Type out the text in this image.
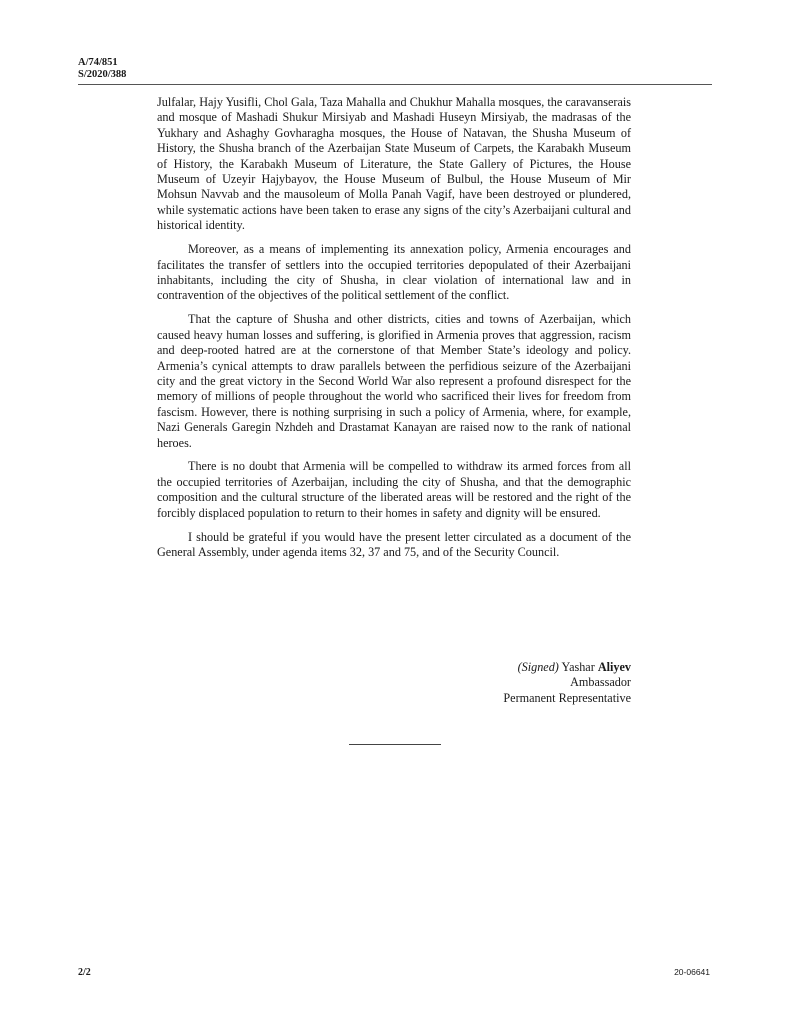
A/74/851
S/2020/388

Julfalar, Hajy Yusifli, Chol Gala, Taza Mahalla and Chukhur Mahalla mosques, the caravanserais and mosque of Mashadi Shukur Mirsiyab and Mashadi Huseyn Mirsiyab, the madrasas of the Yukhary and Ashaghy Govharagha mosques, the House of Natavan, the Shusha Museum of History, the Shusha branch of the Azerbaijan State Museum of Carpets, the Karabakh Museum of History, the Karabakh Museum of Literature, the State Gallery of Pictures, the House Museum of Uzeyir Hajybayov, the House Museum of Bulbul, the House Museum of Mir Mohsun Navvab and the mausoleum of Molla Panah Vagif, have been destroyed or plundered, while systematic actions have been taken to erase any signs of the city’s Azerbaijani cultural and historical identity.

Moreover, as a means of implementing its annexation policy, Armenia encourages and facilitates the transfer of settlers into the occupied territories depopulated of their Azerbaijani inhabitants, including the city of Shusha, in clear violation of international law and in contravention of the objectives of the political settlement of the conflict.

That the capture of Shusha and other districts, cities and towns of Azerbaijan, which caused heavy human losses and suffering, is glorified in Armenia proves that aggression, racism and deep-rooted hatred are at the cornerstone of that Member State’s ideology and policy. Armenia’s cynical attempts to draw parallels between the perfidious seizure of the Azerbaijani city and the great victory in the Second World War also represent a profound disrespect for the memory of millions of people throughout the world who sacrificed their lives for freedom from fascism. However, there is nothing surprising in such a policy of Armenia, where, for example, Nazi Generals Garegin Nzhdeh and Drastamat Kanayan are raised now to the rank of national heroes.

There is no doubt that Armenia will be compelled to withdraw its armed forces from all the occupied territories of Azerbaijan, including the city of Shusha, and that the demographic composition and the cultural structure of the liberated areas will be restored and the right of the forcibly displaced population to return to their homes in safety and dignity will be ensured.

I should be grateful if you would have the present letter circulated as a document of the General Assembly, under agenda items 32, 37 and 75, and of the Security Council.

(Signed) Yashar Aliyev
Ambassador
Permanent Representative
2/2	20-06641
